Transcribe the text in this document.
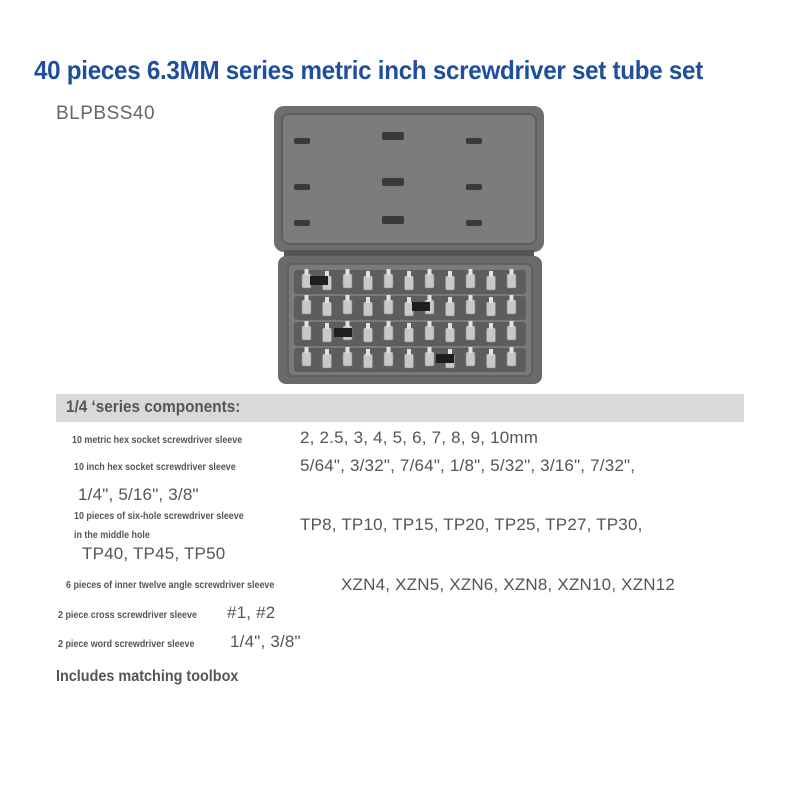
40 pieces 6.3MM series metric inch screwdriver set tube set
BLPBSS40
1/4 ‘series components:
10 metric hex socket screwdriver sleeve	2, 2.5, 3, 4, 5, 6, 7, 8, 9, 10mm
10 inch hex socket screwdriver sleeve	5/64", 3/32", 7/64", 1/8", 5/32", 3/16", 7/32",
1/4", 5/16", 3/8"
10 pieces of six-hole screwdriver sleeve
in the middle hole
TP8, TP10, TP15, TP20, TP25, TP27, TP30,
TP40, TP45, TP50
6 pieces of inner twelve angle screwdriver sleeve	XZN4, XZN5, XZN6, XZN8, XZN10, XZN12
2 piece cross screwdriver sleeve #1, #2
2 piece word screwdriver sleeve 1/4", 3/8"
Includes matching toolbox
